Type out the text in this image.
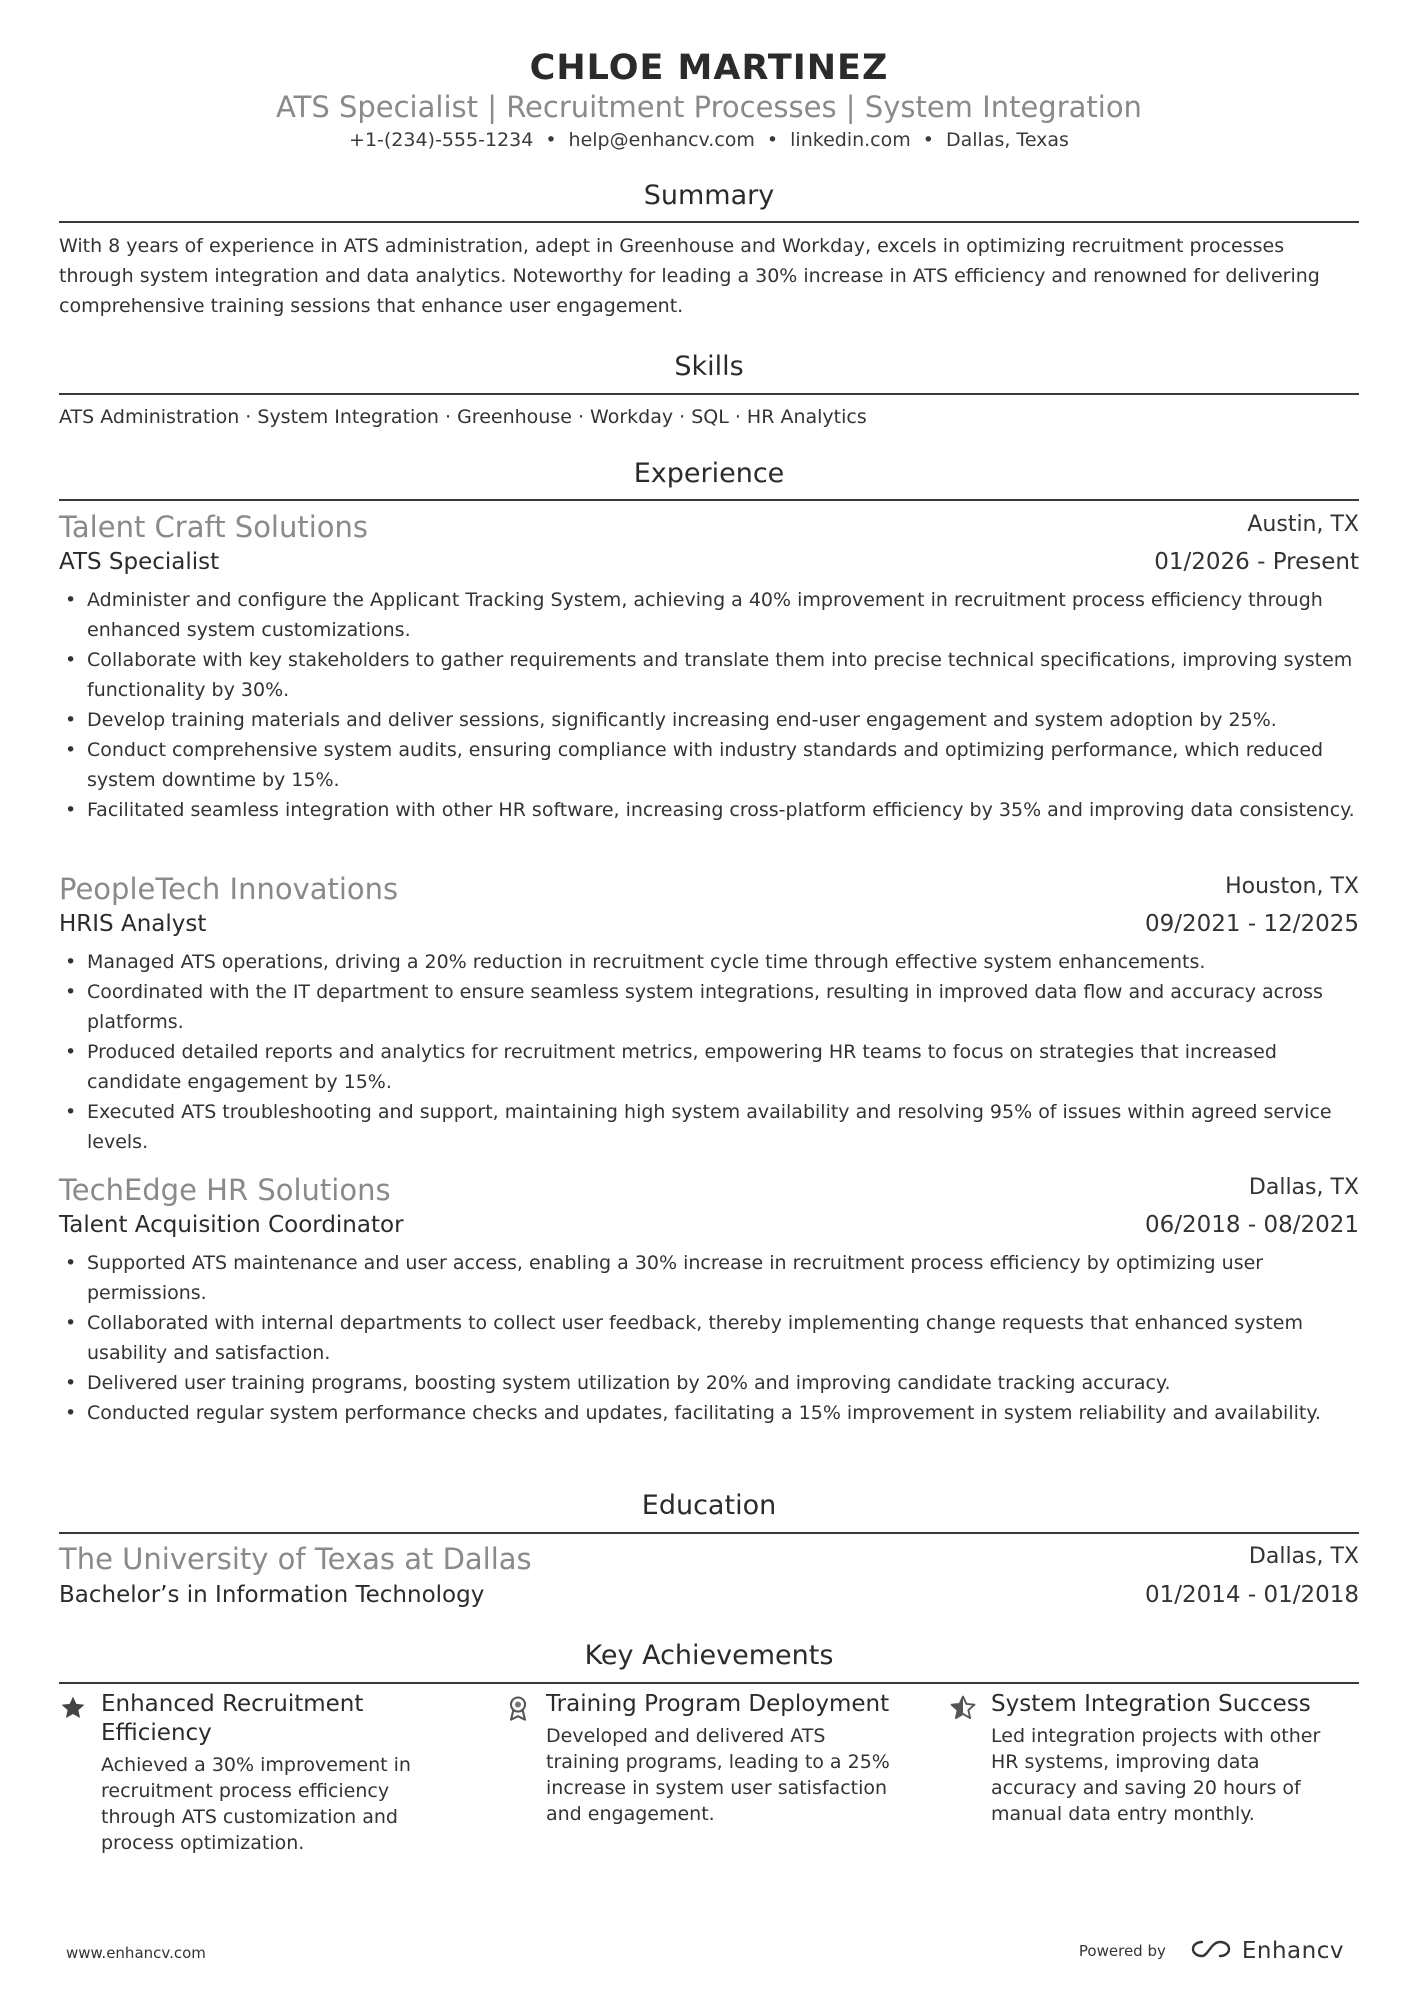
CHLOE MARTINEZ
ATS Specialist | Recruitment Processes | System Integration
+1-(234)-555-1234 • help@enhancv.com • linkedin.com • Dallas, Texas
Summary
With 8 years of experience in ATS administration, adept in Greenhouse and Workday, excels in optimizing recruitment processes through system integration and data analytics. Noteworthy for leading a 30% increase in ATS efficiency and renowned for delivering comprehensive training sessions that enhance user engagement.
Skills
ATS Administration · System Integration · Greenhouse · Workday · SQL · HR Analytics
Experience
Talent Craft Solutions	Austin, TX
ATS Specialist	01/2026 - Present
• Administer and configure the Applicant Tracking System, achieving a 40% improvement in recruitment process efficiency through enhanced system customizations.
• Collaborate with key stakeholders to gather requirements and translate them into precise technical specifications, improving system functionality by 30%.
• Develop training materials and deliver sessions, significantly increasing end-user engagement and system adoption by 25%.
• Conduct comprehensive system audits, ensuring compliance with industry standards and optimizing performance, which reduced system downtime by 15%.
• Facilitated seamless integration with other HR software, increasing cross-platform efficiency by 35% and improving data consistency.
PeopleTech Innovations	Houston, TX
HRIS Analyst	09/2021 - 12/2025
• Managed ATS operations, driving a 20% reduction in recruitment cycle time through effective system enhancements.
• Coordinated with the IT department to ensure seamless system integrations, resulting in improved data flow and accuracy across platforms.
• Produced detailed reports and analytics for recruitment metrics, empowering HR teams to focus on strategies that increased candidate engagement by 15%.
• Executed ATS troubleshooting and support, maintaining high system availability and resolving 95% of issues within agreed service levels.
TechEdge HR Solutions	Dallas, TX
Talent Acquisition Coordinator	06/2018 - 08/2021
• Supported ATS maintenance and user access, enabling a 30% increase in recruitment process efficiency by optimizing user permissions.
• Collaborated with internal departments to collect user feedback, thereby implementing change requests that enhanced system usability and satisfaction.
• Delivered user training programs, boosting system utilization by 20% and improving candidate tracking accuracy.
• Conducted regular system performance checks and updates, facilitating a 15% improvement in system reliability and availability.
Education
The University of Texas at Dallas	Dallas, TX
Bachelor’s in Information Technology	01/2014 - 01/2018
Key Achievements
Enhanced Recruitment Efficiency
Achieved a 30% improvement in recruitment process efficiency through ATS customization and process optimization.
Training Program Deployment
Developed and delivered ATS training programs, leading to a 25% increase in system user satisfaction and engagement.
System Integration Success
Led integration projects with other HR systems, improving data accuracy and saving 20 hours of manual data entry monthly.
www.enhancv.com	Powered by	Enhancv
